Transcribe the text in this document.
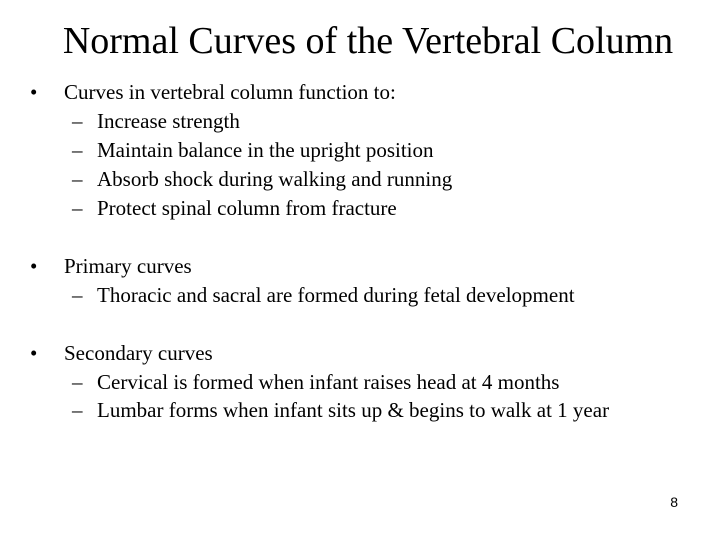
Normal Curves of the Vertebral Column
• Curves in vertebral column function to:
– Increase strength
– Maintain balance in the upright position
– Absorb shock during walking and running
– Protect spinal column from fracture
• Primary curves
– Thoracic and sacral are formed during fetal development
• Secondary curves
– Cervical is formed when infant raises head at 4 months
– Lumbar forms when infant sits up & begins to walk at 1 year
8
